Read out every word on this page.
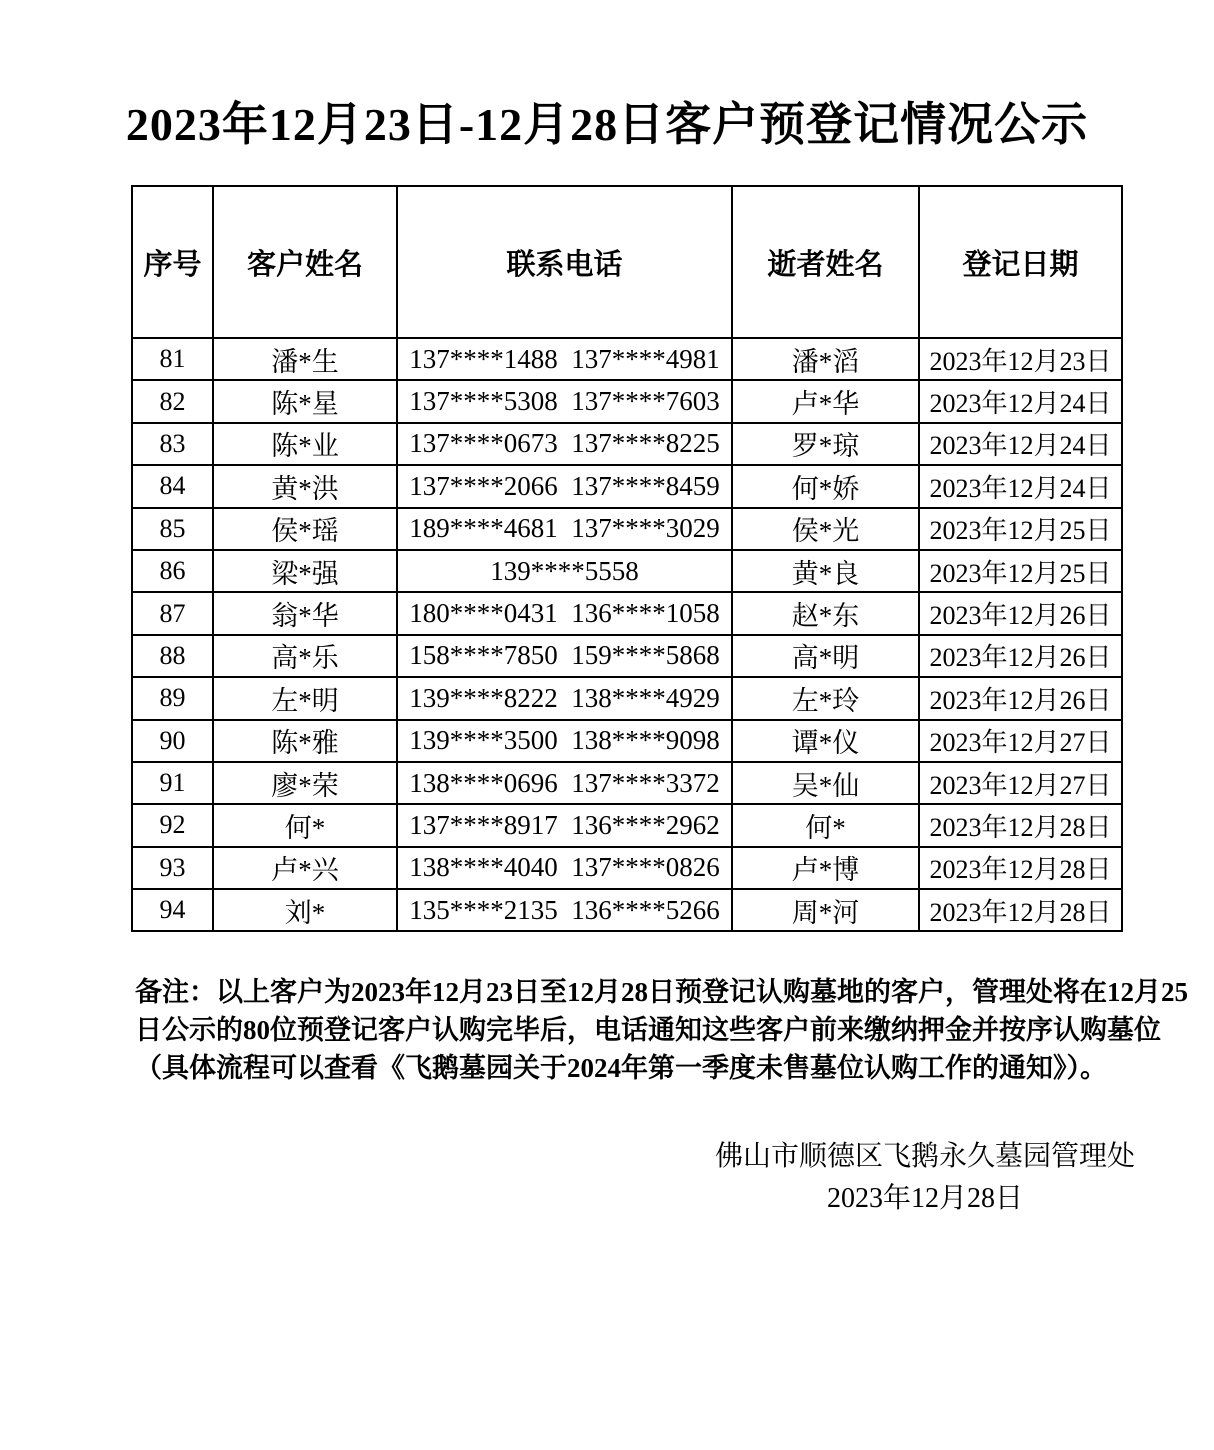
2023年12月23日-12月28日客户预登记情况公示
序号	客户姓名	联系电话	逝者姓名	登记日期
81	潘*生	137****1488  137****4981	潘*滔	2023年12月23日
82	陈*星	137****5308  137****7603	卢*华	2023年12月24日
83	陈*业	137****0673  137****8225	罗*琼	2023年12月24日
84	黄*洪	137****2066  137****8459	何*娇	2023年12月24日
85	侯*瑶	189****4681  137****3029	侯*光	2023年12月25日
86	梁*强	139****5558	黄*良	2023年12月25日
87	翁*华	180****0431  136****1058	赵*东	2023年12月26日
88	高*乐	158****7850  159****5868	高*明	2023年12月26日
89	左*明	139****8222  138****4929	左*玲	2023年12月26日
90	陈*雅	139****3500  138****9098	谭*仪	2023年12月27日
91	廖*荣	138****0696  137****3372	吴*仙	2023年12月27日
92	何*	137****8917  136****2962	何*	2023年12月28日
93	卢*兴	138****4040  137****0826	卢*博	2023年12月28日
94	刘*	135****2135  136****5266	周*河	2023年12月28日
备注：以上客户为2023年12月23日至12月28日预登记认购墓地的客户，管理处将在12月25
日公示的80位预登记客户认购完毕后，电话通知这些客户前来缴纳押金并按序认购墓位
（具体流程可以查看《飞鹅墓园关于2024年第一季度未售墓位认购工作的通知》）。
佛山市顺德区飞鹅永久墓园管理处
2023年12月28日
